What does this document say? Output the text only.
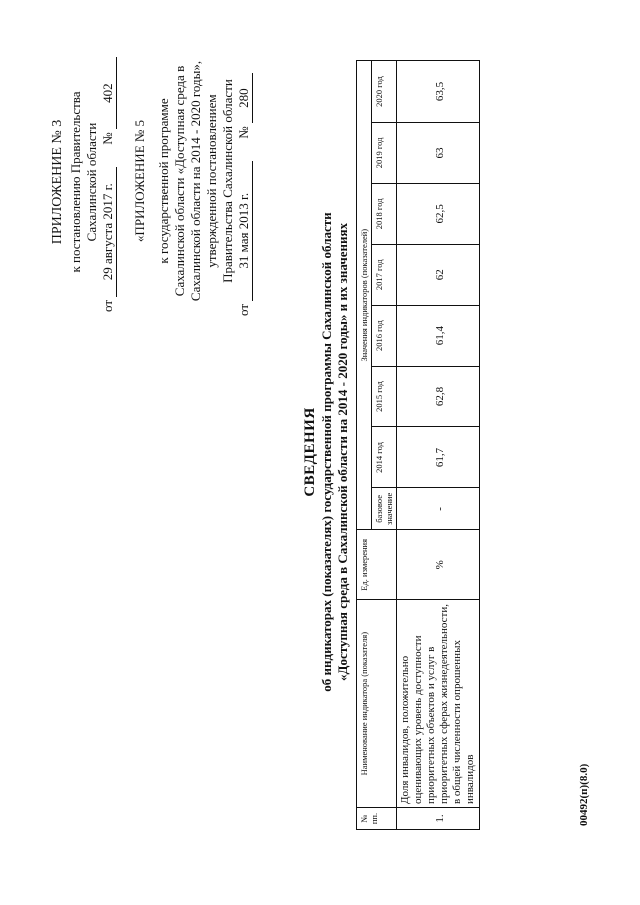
ПРИЛОЖЕНИЕ № 3 к постановлению Правительства Сахалинской области
от

29 августа 2017 г.
№

402
«ПРИЛОЖЕНИЕ № 5 к государственной программе Сахалинской области «Доступная среда в Сахалинской области на 2014 - 2020 годы», утвержденной постановлением Правительства Сахалинской области
от

31 мая 2013 г.
№

280
СВЕДЕНИЯ об индикаторах (показателях) государственной программы Сахалинской области «Доступная среда в Сахалинской области на 2014 - 2020 годы» и их значениях
№ пп.	Наименование индикатора (показателя)	Ед. измерения	Значения индикаторов (показателей)							
			базовое значение	2014 год	2015 год	2016 год	2017 год	2018 год	2019 год	2020 год
1.	Доля инвалидов, положительно оценивающих уровень доступности приоритетных объектов и услуг в приоритетных сферах жизнедеятельности, в общей численности опрошенных инвалидов	%	-	61,7	62,8	61,4	62	62,5	63	63,5
00492(п)(8.0)
